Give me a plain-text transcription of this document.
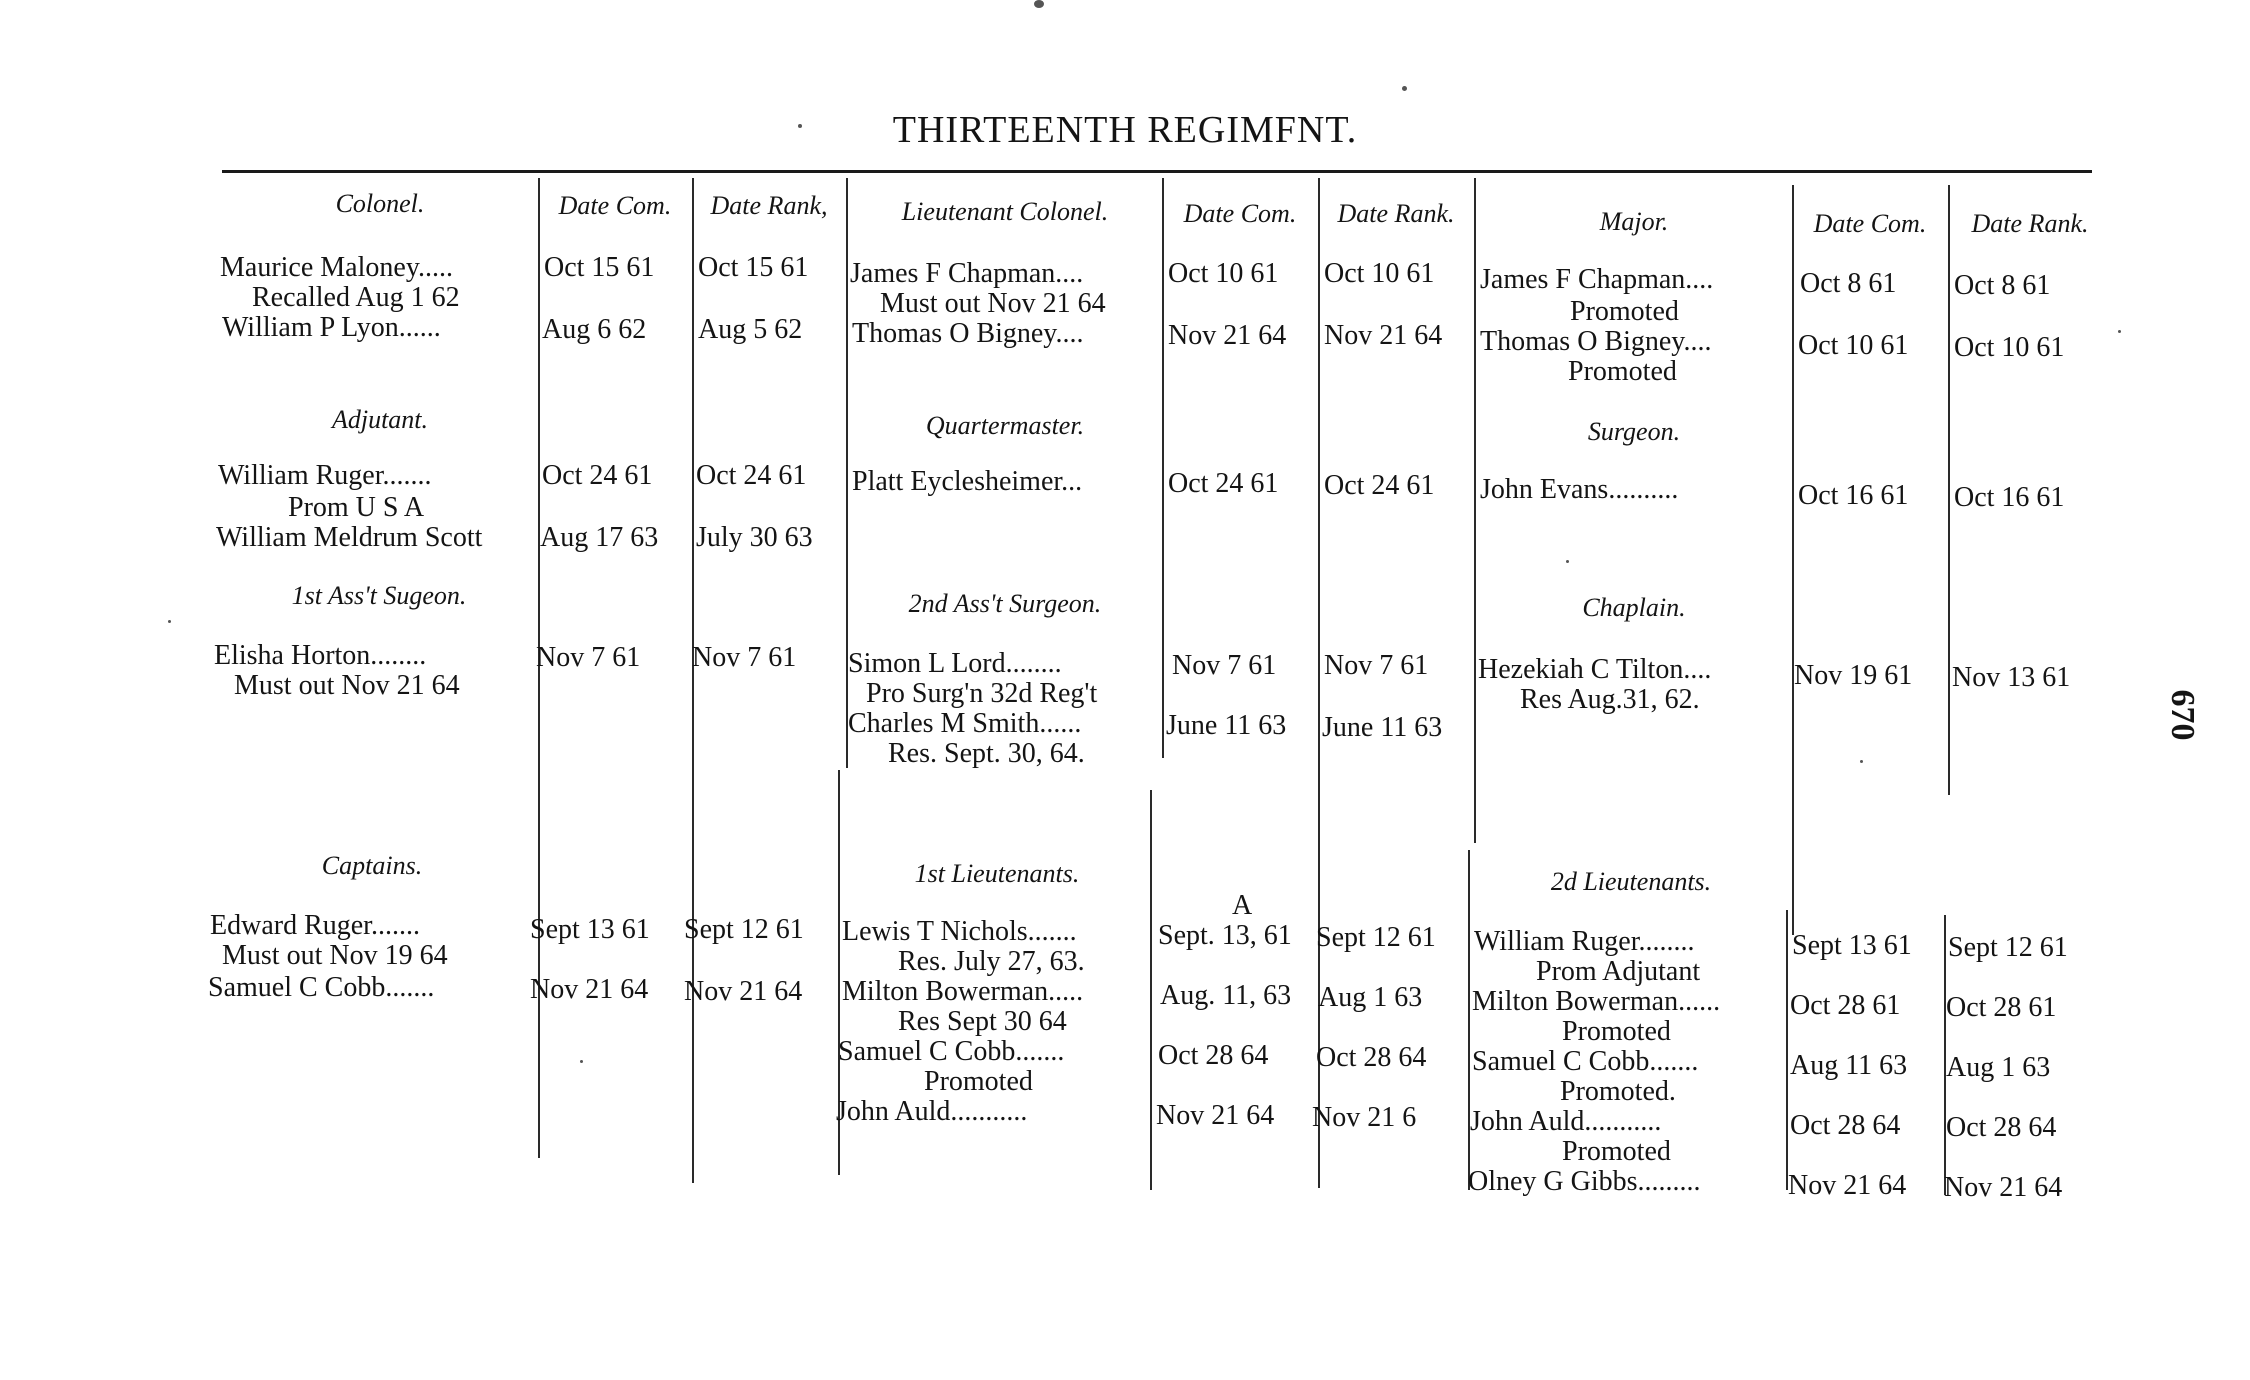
THIRTEENTH REGIMFNT.
Colonel.	Date Com.	Date Rank,	Lieutenant Colonel.	Date Com.	Date Rank.	Major.	Date Com.	Date Rank.
Adjutant.	Quartermaster.	Surgeon.
1st Ass't Sugeon.	2nd Ass't Surgeon.	Chaplain.
Captains.	1st Lieutenants.	2d Lieutenants.
Maurice Maloney.....	Oct 15 61 Oct 15 61
Recalled Aug 1 62
William P Lyon......	Aug 6 62 Aug 5 62
William Ruger.......	Oct 24 61 Oct 24 61
Prom U S A
William Meldrum Scott Aug 17 63 July 30 63
Elisha Horton........	Nov 7 61 Nov 7 61
Must out Nov 21 64
Edward Ruger.......	Sept 13 61 Sept 12 61
Must out Nov 19 64
Samuel C Cobb.......	Nov 21 64 Nov 21 64
James F Chapman....	Oct 10 61 Oct 10 61
Must out Nov 21 64
Thomas O Bigney....	Nov 21 64 Nov 21 64
Platt Eyclesheimer...	Oct 24 61 Oct 24 61
Simon L Lord........	Nov 7 61 Nov 7 61
Pro Surg'n 32d Reg't
Charles M Smith......	June 11 63 June 11 63
Res. Sept. 30, 64.
A
Lewis T Nichols.......	Sept. 13, 61 Sept 12 61
Res. July 27, 63.
Milton Bowerman.....	Aug. 11, 63 Aug 1 63
Res Sept 30 64
Samuel C Cobb.......	Oct 28 64 Oct 28 64
Promoted
John Auld...........	Nov 21 64 Nov 21 6
James F Chapman....	Oct 8 61 Oct 8 61
Promoted
Thomas O Bigney....	Oct 10 61 Oct 10 61
Promoted
John Evans..........	Oct 16 61 Oct 16 61
Hezekiah C Tilton....	Nov 19 61 Nov 13 61
Res Aug.31, 62.
William Ruger........	Sept 13 61 Sept 12 61
Prom Adjutant
Milton Bowerman...... Oct 28 61 Oct 28 61
Promoted
Samuel C Cobb.......	Aug 11 63 Aug 1 63
Promoted.
John Auld...........	Oct 28 64 Oct 28 64
Promoted
Olney G Gibbs.........	Nov 21 64 Nov 21 64
670
